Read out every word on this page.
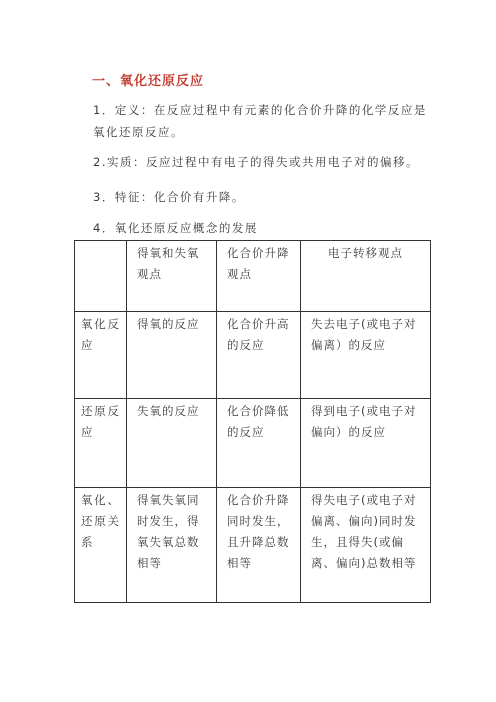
一、氧化还原反应
1．定义：在反应过程中有元素的化合价升降的化学反应是氧化还原反应。
2.实质：反应过程中有电子的得失或共用电子对的偏移。
3．特征：化合价有升降。
4．氧化还原反应概念的发展
	得氧和失氧观点	化合价升降观点	电子转移观点
氧化反应	得氧的反应	化合价升高的反应	失去电子(或电子对偏离）的反应
还原反应	失氧的反应	化合价降低的反应	得到电子(或电子对偏向）的反应
氧化、还原关系	得氧失氧同时发生，得氧失氧总数相等	化合价升降同时发生，且升降总数相等	得失电子(或电子对偏离、偏向)同时发生，且得失(或偏离、偏向)总数相等
